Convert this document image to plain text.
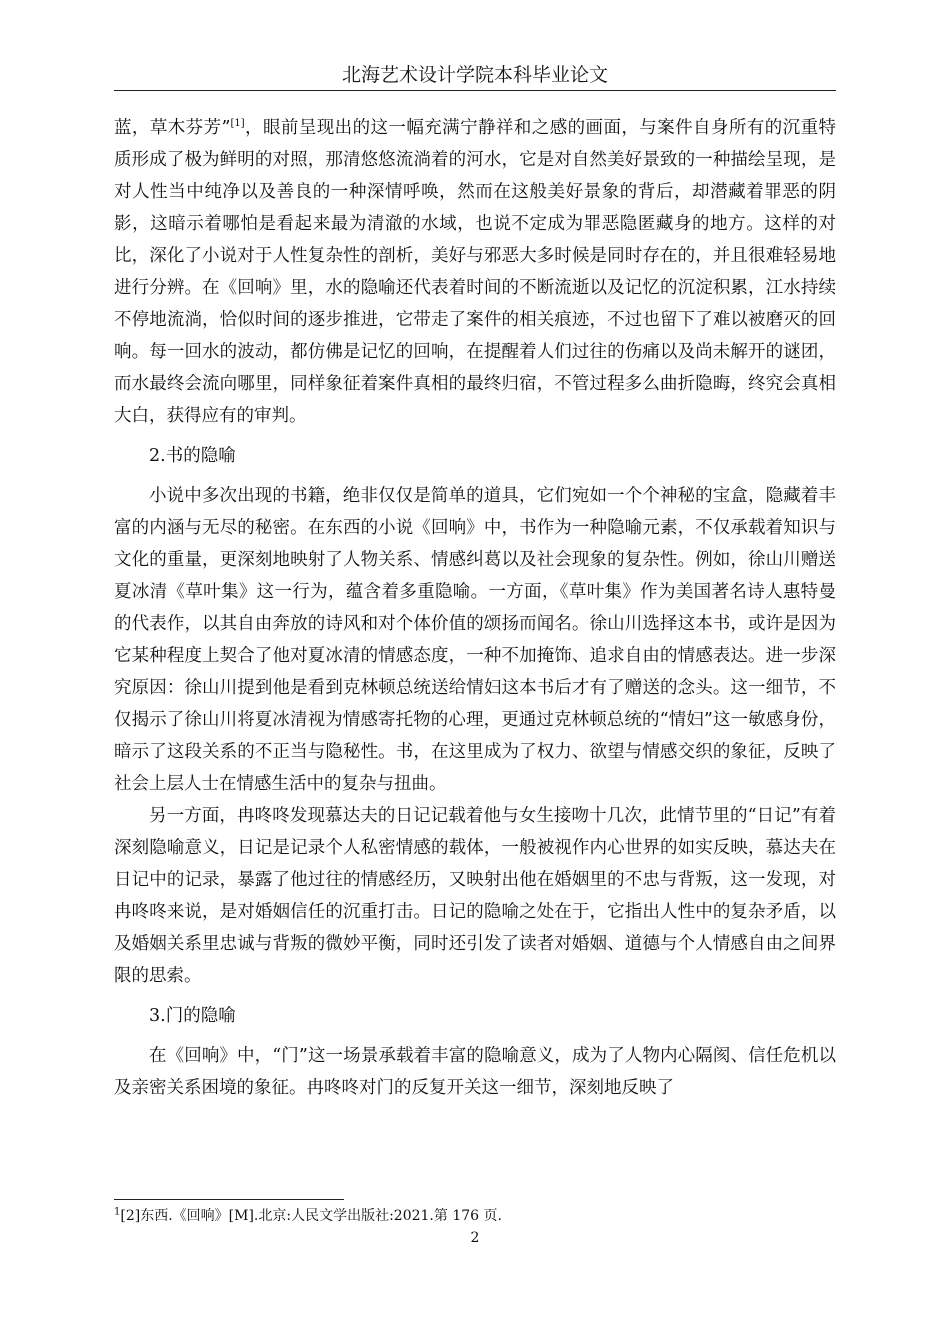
北海艺术设计学院本科毕业论文

蓝，草木芬芳”[1]，眼前呈现出的这一幅充满宁静祥和之感的画面，与案件自身所有的沉重特质形成了极为鲜明的对照，那清悠悠流淌着的河水，它是对自然美好景致的一种描绘呈现，是对人性当中纯净以及善良的一种深情呼唤，然而在这般美好景象的背后，却潜藏着罪恶的阴影，这暗示着哪怕是看起来最为清澈的水域，也说不定成为罪恶隐匿藏身的地方。这样的对比，深化了小说对于人性复杂性的剖析，美好与邪恶大多时候是同时存在的，并且很难轻易地进行分辨。在《回响》里，水的隐喻还代表着时间的不断流逝以及记忆的沉淀积累，江水持续不停地流淌，恰似时间的逐步推进，它带走了案件的相关痕迹，不过也留下了难以被磨灭的回响。每一回水的波动，都仿佛是记忆的回响，在提醒着人们过往的伤痛以及尚未解开的谜团，而水最终会流向哪里，同样象征着案件真相的最终归宿，不管过程多么曲折隐晦，终究会真相大白，获得应有的审判。

2.书的隐喻

小说中多次出现的书籍，绝非仅仅是简单的道具，它们宛如一个个神秘的宝盒，隐藏着丰富的内涵与无尽的秘密。在东西的小说《回响》中，书作为一种隐喻元素，不仅承载着知识与文化的重量，更深刻地映射了人物关系、情感纠葛以及社会现象的复杂性。例如，徐山川赠送夏冰清《草叶集》这一行为，蕴含着多重隐喻。一方面，《草叶集》作为美国著名诗人惠特曼的代表作，以其自由奔放的诗风和对个体价值的颂扬而闻名。徐山川选择这本书，或许是因为它某种程度上契合了他对夏冰清的情感态度，一种不加掩饰、追求自由的情感表达。进一步深究原因：徐山川提到他是看到克林顿总统送给情妇这本书后才有了赠送的念头。这一细节，不仅揭示了徐山川将夏冰清视为情感寄托物的心理，更通过克林顿总统的“情妇”这一敏感身份，暗示了这段关系的不正当与隐秘性。书，在这里成为了权力、欲望与情感交织的象征，反映了社会上层人士在情感生活中的复杂与扭曲。

另一方面，冉咚咚发现慕达夫的日记记载着他与女生接吻十几次，此情节里的“日记”有着深刻隐喻意义，日记是记录个人私密情感的载体，一般被视作内心世界的如实反映，慕达夫在日记中的记录，暴露了他过往的情感经历，又映射出他在婚姻里的不忠与背叛，这一发现，对冉咚咚来说，是对婚姻信任的沉重打击。日记的隐喻之处在于，它指出人性中的复杂矛盾，以及婚姻关系里忠诚与背叛的微妙平衡，同时还引发了读者对婚姻、道德与个人情感自由之间界限的思索。

3.门的隐喻

在《回响》中，“门”这一场景承载着丰富的隐喻意义，成为了人物内心隔阂、信任危机以及亲密关系困境的象征。冉咚咚对门的反复开关这一细节，深刻地反映了

$^1$[2]东西.《回响》[M].北京:人民文学出版社:2021.第 176 页.
2
